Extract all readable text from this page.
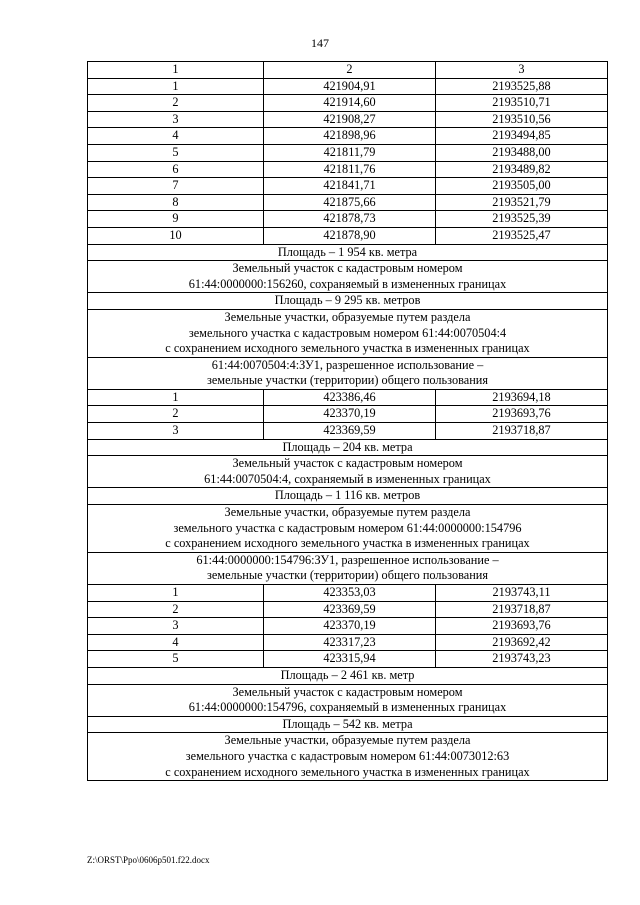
147
1	2	3
1	421904,91	2193525,88
2	421914,60	2193510,71
3	421908,27	2193510,56
4	421898,96	2193494,85
5	421811,79	2193488,00
6	421811,76	2193489,82
7	421841,71	2193505,00
8	421875,66	2193521,79
9	421878,73	2193525,39
10	421878,90	2193525,47
Площадь – 1 954 кв. метра		

Земельный участок с кадастровым номером
61:44:0000000:156260, сохраняемый в измененных границах		

Площадь – 9 295 кв. метров		

Земельные участки, образуемые путем раздела
земельного участка с кадастровым номером 61:44:0070504:4
с сохранением исходного земельного участка в измененных границах		

61:44:0070504:4:ЗУ1, разрешенное использование –
земельные участки (территории) общего пользования		

1	423386,46	2193694,18
2	423370,19	2193693,76
3	423369,59	2193718,87
Площадь – 204 кв. метра		

Земельный участок с кадастровым номером
61:44:0070504:4, сохраняемый в измененных границах		

Площадь – 1 116 кв. метров		

Земельные участки, образуемые путем раздела
земельного участка с кадастровым номером 61:44:0000000:154796
с сохранением исходного земельного участка в измененных границах		

61:44:0000000:154796:ЗУ1, разрешенное использование –
земельные участки (территории) общего пользования		

1	423353,03	2193743,11
2	423369,59	2193718,87
3	423370,19	2193693,76
4	423317,23	2193692,42
5	423315,94	2193743,23
Площадь – 2 461 кв. метр		

Земельный участок с кадастровым номером
61:44:0000000:154796, сохраняемый в измененных границах		

Площадь – 542 кв. метра		

Земельные участки, образуемые путем раздела
земельного участка с кадастровым номером 61:44:0073012:63
с сохранением исходного земельного участка в измененных границах		
Z:\ORST\Ppo\0606p501.f22.docx
